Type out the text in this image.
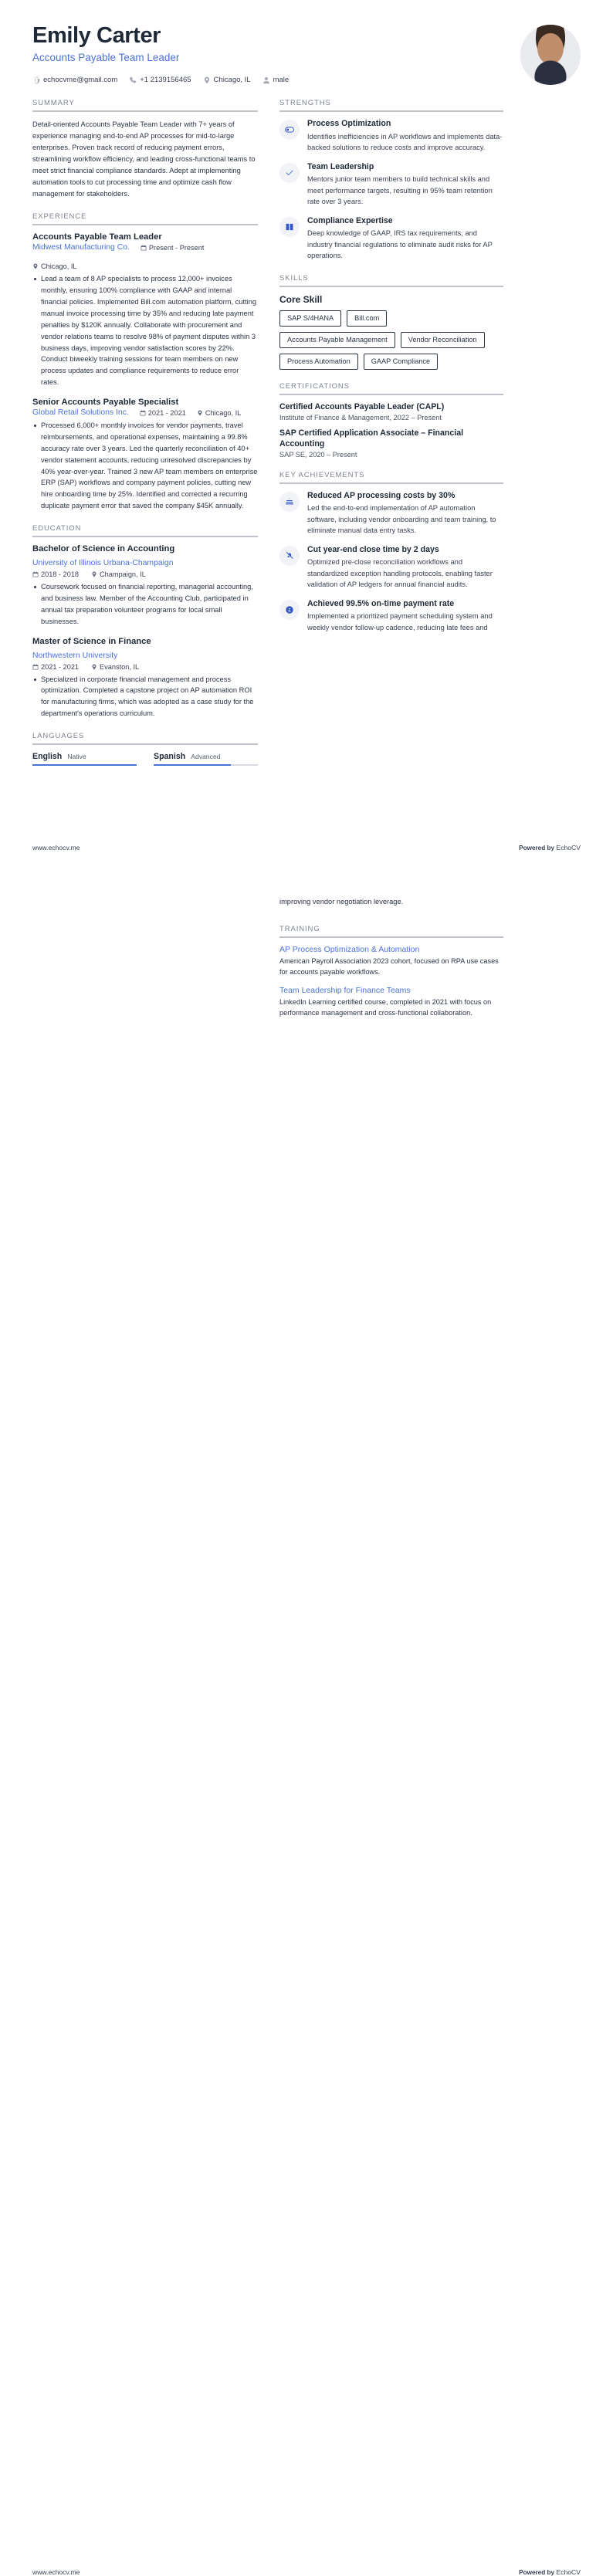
Emily Carter
Accounts Payable Team Leader
echocvme@gmail.com	+1 2139156465	Chicago, IL	male
SUMMARY
Detail-oriented Accounts Payable Team Leader with 7+ years of experience managing end-to-end AP processes for mid-to-large enterprises. Proven track record of reducing payment errors, streamlining workflow efficiency, and leading cross-functional teams to meet strict financial compliance standards. Adept at implementing automation tools to cut processing time and optimize cash flow management for stakeholders.
EXPERIENCE
Accounts Payable Team Leader
Midwest Manufacturing Co.	Present - Present
Chicago, IL
Lead a team of 8 AP specialists to process 12,000+ invoices monthly, ensuring 100% compliance with GAAP and internal financial policies. Implemented Bill.com automation platform, cutting manual invoice processing time by 35% and reducing late payment penalties by $120K annually. Collaborate with procurement and vendor relations teams to resolve 98% of payment disputes within 3 business days, improving vendor satisfaction scores by 22%. Conduct biweekly training sessions for team members on new process updates and compliance requirements to reduce error rates.
Senior Accounts Payable Specialist
Global Retail Solutions Inc.	2021 - 2021	Chicago, IL
Processed 6,000+ monthly invoices for vendor payments, travel reimbursements, and operational expenses, maintaining a 99.8% accuracy rate over 3 years. Led the quarterly reconciliation of 40+ vendor statement accounts, reducing unresolved discrepancies by 40% year-over-year. Trained 3 new AP team members on enterprise ERP (SAP) workflows and company payment policies, cutting new hire onboarding time by 25%. Identified and corrected a recurring duplicate payment error that saved the company $45K annually.
EDUCATION
Bachelor of Science in Accounting
University of Illinois Urbana-Champaign
2018 - 2018	Champaign, IL
Coursework focused on financial reporting, managerial accounting, and business law. Member of the Accounting Club, participated in annual tax preparation volunteer programs for local small businesses.
Master of Science in Finance
Northwestern University
2021 - 2021	Evanston, IL
Specialized in corporate financial management and process optimization. Completed a capstone project on AP automation ROI for manufacturing firms, which was adopted as a case study for the department's operations curriculum.
LANGUAGES
English Native	Spanish Advanced
STRENGTHS
Process Optimization
Identifies inefficiencies in AP workflows and implements data-backed solutions to reduce costs and improve accuracy.
Team Leadership
Mentors junior team members to build technical skills and meet performance targets, resulting in 95% team retention rate over 3 years.
Compliance Expertise
Deep knowledge of GAAP, IRS tax requirements, and industry financial regulations to eliminate audit risks for AP operations.
SKILLS
Core Skill
SAP S/4HANA	Bill.com
Accounts Payable Management	Vendor Reconciliation
Process Automation	GAAP Compliance
CERTIFICATIONS
Certified Accounts Payable Leader (CAPL)
Institute of Finance & Management, 2022 – Present
SAP Certified Application Associate – Financial Accounting
SAP SE, 2020 – Present
KEY ACHIEVEMENTS
Reduced AP processing costs by 30%
Led the end-to-end implementation of AP automation software, including vendor onboarding and team training, to eliminate manual data entry tasks.
Cut year-end close time by 2 days
Optimized pre-close reconciliation workflows and standardized exception handling protocols, enabling faster validation of AP ledgers for annual financial audits.
£
Achieved 99.5% on-time payment rate
Implemented a prioritized payment scheduling system and weekly vendor follow-up cadence, reducing late fees and
www.echocv.me	Powered by EchoCV
improving vendor negotiation leverage.
TRAINING
AP Process Optimization & Automation
American Payroll Association 2023 cohort, focused on RPA use cases for accounts payable workflows.
Team Leadership for Finance Teams
LinkedIn Learning certified course, completed in 2021 with focus on performance management and cross-functional collaboration.
www.echocv.me	Powered by EchoCV
